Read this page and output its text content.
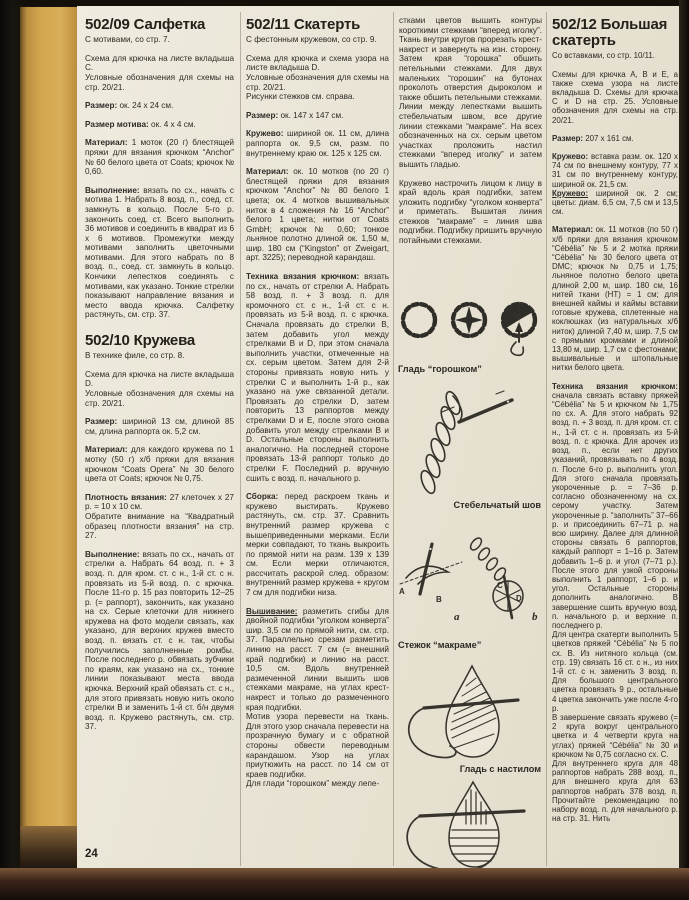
502/09 Салфетка

С мотивами, со стр. 7.

Схема для крючка на листе вкладыша C.

Условные обозначения для схемы на стр. 20/21.

Размер: ок. 24 х 24 см.

Размер мотива: ок. 4 х 4 см.

Материал: 1 моток (20 г) блестящей пряжи для вязания крючком “Anchor” № 60 белого цвета от Coats; крючок № 0,60.

Выполнение: вязать по сх., начать с мотива 1. Набрать 8 возд. п., соед. ст. замкнуть в кольцо. После 5-го р. закончить соед. ст. Всего выполнить 36 мотивов и соединить в квадрат из 6 х 6 мотивов. Промежутки между мотивами заполнить цветочными мотивами. Для этого набрать по 8 возд. п., соед. ст. замкнуть в кольцо. Кончики лепестков соединять с мотивами, как указано. Тонкие стрелки показывают направление вязания и место ввода крючка. Салфетку растянуть, см. стр. 37.

502/10 Кружева

В технике филе, со стр. 8.

Схема для крючка на листе вкладыша D.

Условные обозначения для схемы на стр. 20/21.

Размер: шириной 13 см, длиной 85 см, длина раппорта ок. 5,2 см.

Материал: для каждого кружева по 1 мотку (50 г) х/б пряжи для вязания крючком “Coats Opera” № 30 белого цвета от Coats; крючок № 0,75.

Плотность вязания: 27 клеточек х 27 р. = 10 х 10 см.

Обратите внимание на “Квадратный образец плотности вязания” на стр. 27.

Выполнение: вязать по сх., начать от стрелки a. Набрать 64 возд. п. + 3 возд. п. для кром. ст. с н., 1-й ст. с н. провязать из 5-й возд. п. с крючка. После 11-го р. 15 раз повторить 12–25 р. (= раппорт), закончить, как указано на сх. Серые клеточки для нижнего кружева на фото модели связать, как указано, для верхних кружев вместо возд. п. вязать ст. с н. так, чтобы получились заполненные ромбы. После последнего р. обвязать зубчики по краям, как указано на сх., тонкие линии показывают места ввода крючка. Верхний край обвязать ст. с н., для этого привязать новую нить около стрелки B и заменить 1-й ст. б/н двумя возд. п. Кружево растянуть, см. стр. 37.

502/11 Скатерть

С фестонным кружевом, со стр. 9.

Схема для крючка и схема узора на листе вкладыша D.

Условные обозначения для схемы на стр. 20/21.

Рисунки стежков см. справа.

Размер: ок. 147 х 147 см.

Кружево: шириной ок. 11 см, длина раппорта ок. 9,5 см, разм. по внутреннему краю ок. 125 х 125 см.

Материал: ок. 10 мотков (по 20 г) блестящей пряжи для вязания крючком “Anchor” № 80 белого 1 цвета; ок. 4 мотков вышивальных ниток в 4 сложения № 16 “Anchor” белого 1 цвета; нитки от Coats GmbH; крючок № 0,60; тонкое льняное полотно длиной ок. 1,50 м, шир. 180 см (“Kingston” от Zweigart, арт. 3225); переводной карандаш.

Техника вязания крючком: вязать по сх., начать от стрелки A. Набрать 58 возд. п. + 3 возд. п. для кромочного ст. с н., 1-й ст. с н. провязать из 5-й возд. п. с крючка. Сначала провязать до стрелки B, затем добавить угол между стрелками B и D, при этом сначала выполнить участки, отмеченные на сх. серым цветом. Затем для 2-й стороны привязать новую нить у стрелки C и выполнить 1-й р., как указано на уже связанной детали. Провязать до стрелки D, затем повторить 13 раппортов между стрелками D и E, после этого снова добавить угол между стрелками B и D. Остальные стороны выполнить аналогично. На последней стороне провязать 13-й раппорт только до стрелки F. Последний р. вручную сшить с возд. п. начального р.

Сборка: перед раскроем ткань и кружево выстирать. Кружево растянуть, см. стр. 37. Сравнить внутренний размер кружева с вышеприведенными мерками. Если мерки совпадают, то ткань выкроить по прямой нити на разм. 139 х 139 см. Если мерки отличаются, рассчитать раскрой след. образом: внутренний размер кружева + кругом 7 см для подгибки низа.

Вышивание: разметить сгибы для двойной подгибки “уголком конверта” шир. 3,5 см по прямой нити, см. стр. 37. Параллельно срезам разметить линию на расст. 7 см (= внешний край подгибки) и линию на расст. 10,5 см. Вдоль внутренней размеченной линии вышить шов стежками макраме, на углах крест-накрест и только до размеченного края подгибки.

Мотив узора перевести на ткань. Для этого узор сначала перевести на прозрачную бумагу и с обратной стороны обвести переводным карандашом. Узор на углах приутюжить на расст. по 14 см от краев подгибки.

Для глади “горошком” между лепе-

стками цветов вышить контуры короткими стежками “вперед иголку”. Ткань внутри кругов прорезать крест-накрест и завернуть на изн. сторону. Затем края “горошка” обшить петельными стежками. Для двух маленьких “горошин” на бутонах проколоть отверстия дыроколом и также обшить петельными стежками. Линии между лепестками вышить стебельчатым швом, все другие линии стежками “макраме”. На всех обозначенных на сх. серым цветом участках проложить настил стежками “вперед иголку” и затем вышить гладью.

Кружево настрочить лицом к лицу в край вдоль края подгибки, затем уложить подгибку “уголком конверта” и приметать. Вышитая линия стежков “макраме” = линия шва подгибки. Подгибку пришить вручную потайными стежками.

502/12 Большая скатерть

Со вставками, со стр. 10/11.

Схемы для крючка A, B и E, а также схема узора на листе вкладыша D. Схемы для крючка C и D на стр. 25. Условные обозначения для схемы на стр. 20/21.

Размер: 207 х 161 см.

Кружево: вставка разм. ок. 120 х 74 см по внешнему контуру, 77 х 31 см по внутреннему контуру, шириной ок. 21,5 см.

Кружево: шириной ок. 2 см; цветы: диам. 6,5 см, 7,5 см и 13,5 см.

Материал: ок. 11 мотков (по 50 г) х/б пряжи для вязания крючком “Cébélia” № 5 и 2 мотка пряжи “Cébélia” № 30 белого цвета от DMC; крючок № 0,75 и 1,75; льняное полотно белого цвета длиной 2,00 м, шир. 180 см, 16 нитей ткани (НТ) = 1 см; для внешней каймы и каймы вставки готовые кружева, сплетенные на коклюшках (из натуральных х/б ниток) длиной 7,40 м, шир. 7,5 см с прямыми кромками и длиной 13,80 м, шир. 1,7 см с фестонами; вышивальные и штопальные нитки белого цвета.

Техника вязания крючком: сначала связать вставку пряжей “Cébélia” № 5 и крючком № 1,75 по сх. A. Для этого набрать 92 возд. п. + 3 возд. п. для кром. ст. с н., 1-й ст. с н. провязать из 5-й возд. п. с крючка. Для арочек из возд. п., если нет других указаний, провязывать по 4 возд. п. После 6-го р. выполнить угол. Для этого сначала провязать укороченные р. = 7–36 р. согласно обозначенному на сх. серому участку. Затем укороченные р. “заполнить” 37–66 р. и присоединить 67–71 р. на всю ширину. Далее для длинной стороны связать 6 раппортов, каждый раппорт = 1–16 р. Затем добавить 1–6 р. и угол (7–71 р.). После этого для узкой стороны выполнить 1 раппорт, 1–6 р. и угол. Остальные стороны дополнить аналогично. В завершение сшить вручную возд. п. начального р. и верхние п. последнего р.

Для центра скатерти выполнить 5 цветков пряжей “Cébélia” № 5 по сх. B. Из нитяного кольца (см. стр. 19) связать 16 ст. с н., из них 1-й ст. с н. заменить 3 возд. п. Для большого центрального цветка провязать 9 р., остальные 4 цветка закончить уже после 4-го р.

В завершение связать кружево (= 2 круга вокруг центрального цветка и 4 четверти круга на углах) пряжей “Cébélia” № 30 и крючком № 0,75 согласно сх. C.

Для внутреннего круга для 48 раппортов набрать 288 возд. п., для внешнего круга для 63 раппортов набрать 378 возд. п. Прочитайте рекомендацию по набору возд. п. для начального р. на стр. 31. Нить

Гладь “горошком”
Стебельчатый шов
A
B
a
C
D
b
Стежок “макраме”
Гладь с настилом
24
